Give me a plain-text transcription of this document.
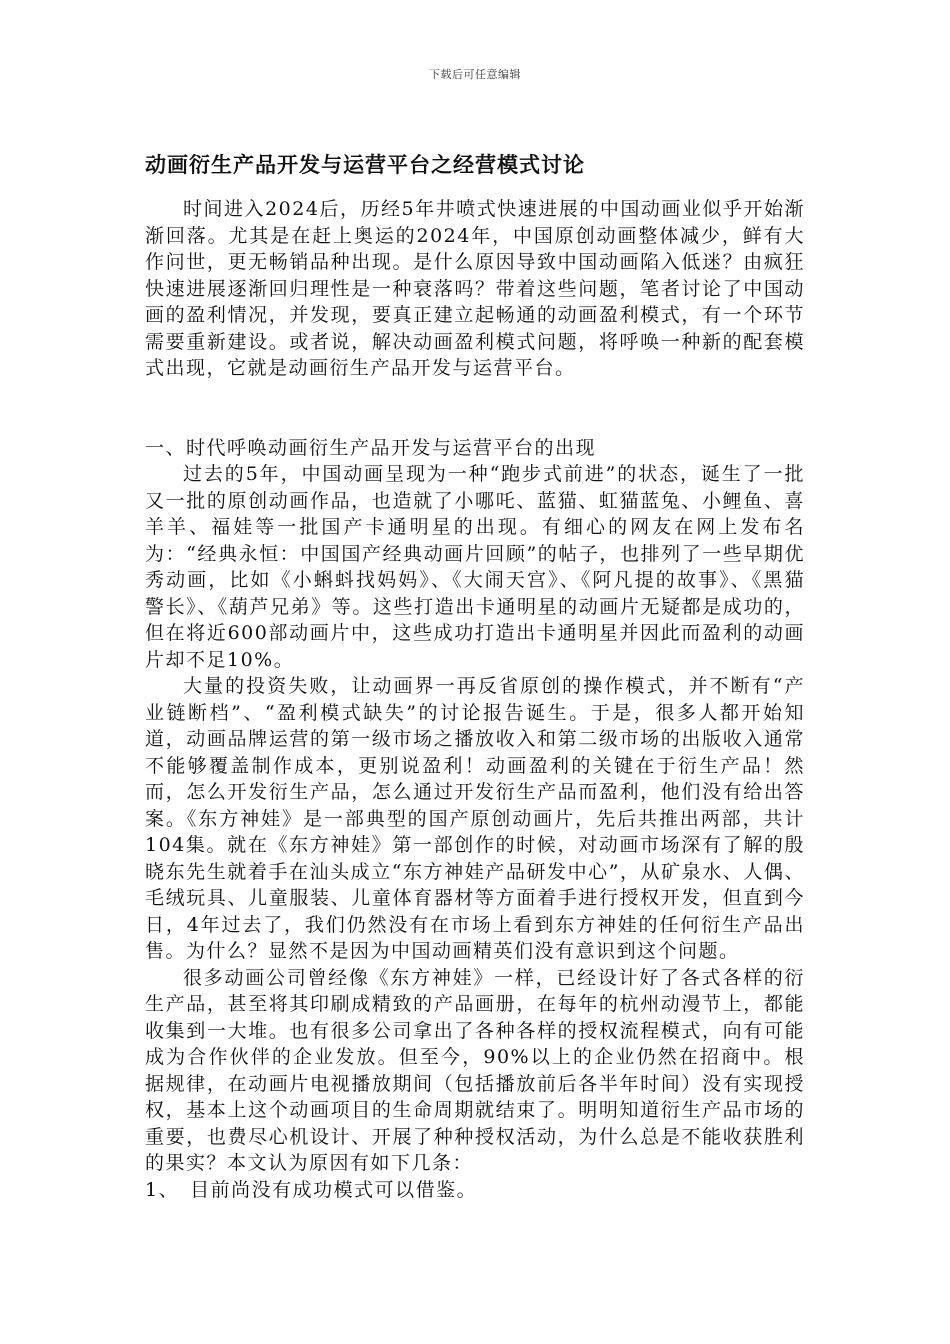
下载后可任意编辑
动画衍生产品开发与运营平台之经营模式讨论

时间进入2024后，历经5年井喷式快速进展的中国动画业似乎开始渐渐回落。尤其是在赶上奥运的2024年，中国原创动画整体减少，鲜有大作问世，更无畅销品种出现。是什么原因导致中国动画陷入低迷？由疯狂快速进展逐渐回归理性是一种衰落吗？带着这些问题，笔者讨论了中国动画的盈利情况，并发现，要真正建立起畅通的动画盈利模式，有一个环节需要重新建设。或者说，解决动画盈利模式问题，将呼唤一种新的配套模式出现，它就是动画衍生产品开发与运营平台。

一、时代呼唤动画衍生产品开发与运营平台的出现

过去的5年，中国动画呈现为一种“跑步式前进”的状态，诞生了一批又一批的原创动画作品，也造就了小哪吒、蓝猫、虹猫蓝兔、小鲤鱼、喜羊羊、福娃等一批国产卡通明星的出现。有细心的网友在网上发布名为：“经典永恒：中国国产经典动画片回顾”的帖子，也排列了一些早期优秀动画，比如《小蝌蚪找妈妈》、《大闹天宫》、《阿凡提的故事》、《黑猫警长》、《葫芦兄弟》等。这些打造出卡通明星的动画片无疑都是成功的，但在将近600部动画片中，这些成功打造出卡通明星并因此而盈利的动画片却不足10%。

大量的投资失败，让动画界一再反省原创的操作模式，并不断有“产业链断档”、“盈利模式缺失”的讨论报告诞生。于是，很多人都开始知道，动画品牌运营的第一级市场之播放收入和第二级市场的出版收入通常不能够覆盖制作成本，更别说盈利！动画盈利的关键在于衍生产品！然而，怎么开发衍生产品，怎么通过开发衍生产品而盈利，他们没有给出答案。《东方神娃》是一部典型的国产原创动画片，先后共推出两部，共计104集。就在《东方神娃》第一部创作的时候，对动画市场深有了解的殷晓东先生就着手在汕头成立“东方神娃产品研发中心”，从矿泉水、人偶、毛绒玩具、儿童服装、儿童体育器材等方面着手进行授权开发，但直到今日，4年过去了，我们仍然没有在市场上看到东方神娃的任何衍生产品出售。为什么？显然不是因为中国动画精英们没有意识到这个问题。

很多动画公司曾经像《东方神娃》一样，已经设计好了各式各样的衍生产品，甚至将其印刷成精致的产品画册，在每年的杭州动漫节上，都能收集到一大堆。也有很多公司拿出了各种各样的授权流程模式，向有可能成为合作伙伴的企业发放。但至今，90%以上的企业仍然在招商中。根据规律，在动画片电视播放期间（包括播放前后各半年时间）没有实现授权，基本上这个动画项目的生命周期就结束了。明明知道衍生产品市场的重要，也费尽心机设计、开展了种种授权活动，为什么总是不能收获胜利的果实？本文认为原因有如下几条：

1、　目前尚没有成功模式可以借鉴。
